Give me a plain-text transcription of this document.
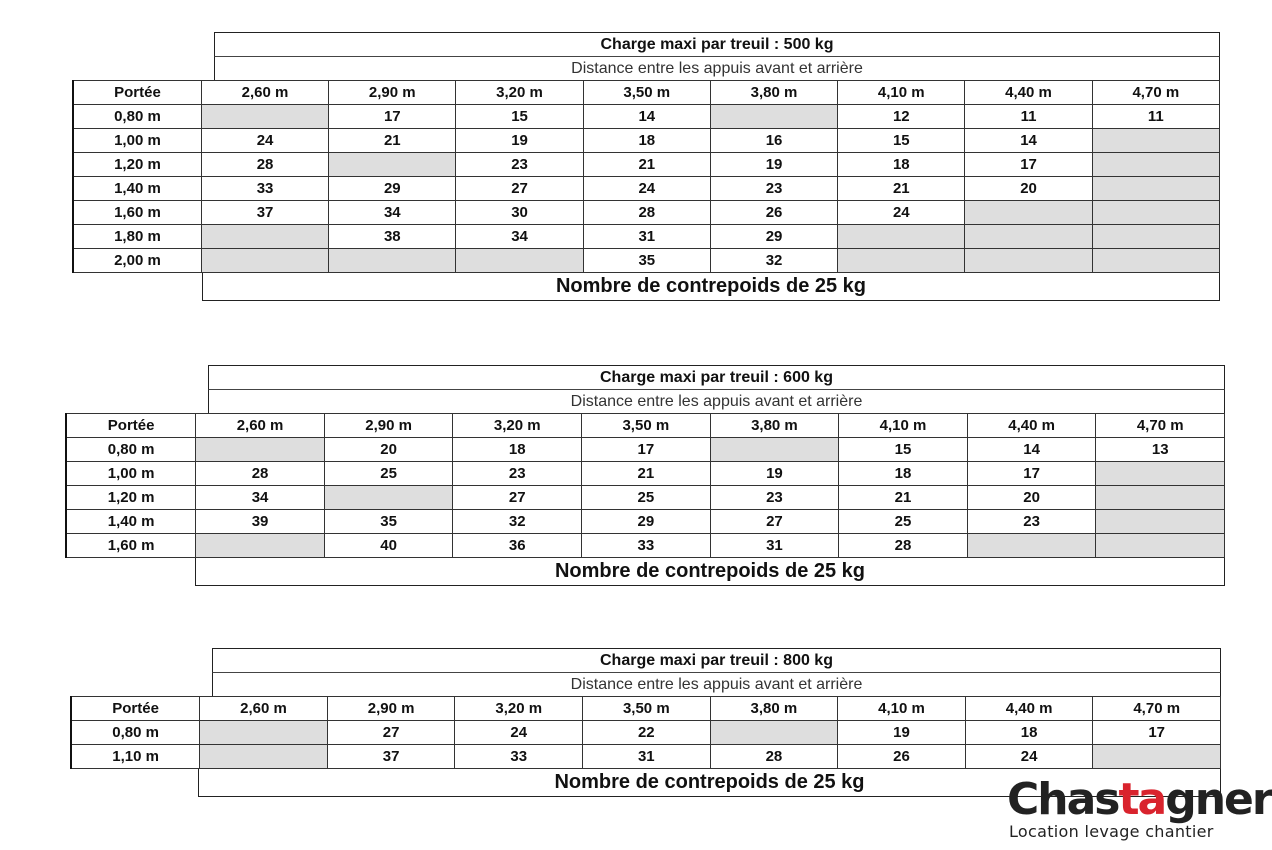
Charge maxi par treuil : 500 kg
Distance entre les appuis avant et arrière
Portée	2,60 m	2,90 m	3,20 m	3,50 m	3,80 m	4,10 m	4,40 m	4,70 m
0,80 m		17	15	14		12	11	11
1,00 m	24	21	19	18	16	15	14	
1,20 m	28		23	21	19	18	17	
1,40 m	33	29	27	24	23	21	20	
1,60 m	37	34	30	28	26	24		
1,80 m		38	34	31	29			
2,00 m				35	32			
Nombre de contrepoids de 25 kg
Charge maxi par treuil : 600 kg
Distance entre les appuis avant et arrière
Portée	2,60 m	2,90 m	3,20 m	3,50 m	3,80 m	4,10 m	4,40 m	4,70 m
0,80 m		20	18	17		15	14	13
1,00 m	28	25	23	21	19	18	17	
1,20 m	34		27	25	23	21	20	
1,40 m	39	35	32	29	27	25	23	
1,60 m		40	36	33	31	28		
Nombre de contrepoids de 25 kg
Charge maxi par treuil : 800 kg
Distance entre les appuis avant et arrière
Portée	2,60 m	2,90 m	3,20 m	3,50 m	3,80 m	4,10 m	4,40 m	4,70 m
0,80 m		27	24	22		19	18	17
1,10 m		37	33	31	28	26	24	
Nombre de contrepoids de 25 kg	Chastagner
Location levage chantier
